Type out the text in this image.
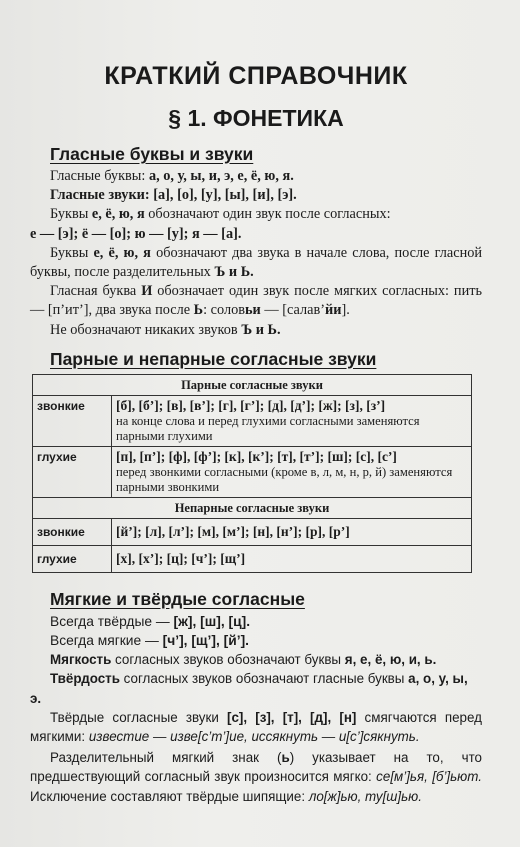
КРАТКИЙ СПРАВОЧНИК
§ 1. ФОНЕТИКА
Гласные буквы и звуки

Гласные буквы: а, о, у, ы, и, э, е, ё, ю, я.

Гласные звуки: [а], [о], [у], [ы], [и], [э].

Буквы е, ё, ю, я обозначают один звук после согласных:

е — [э]; ё — [о]; ю — [у]; я — [а].

Буквы е, ё, ю, я обозначают два звука в начале слова, после гласной буквы, после разделительных Ъ и Ь.

Гласная буква И обозначает один звук после мягких согласных: пить — [п’ит’], два звука после Ь: соловьи — [салав’йи].

Не обозначают никаких звуков Ъ и Ь.

Парные и непарные согласные звуки
Парные согласные звуки	
звонкие	[б], [б’]; [в], [в’]; [г], [г’]; [д], [д’]; [ж]; [з], [з’]
на конце слова и перед глухими согласными заменяются парными глухими

глухие	[п], [п’]; [ф], [ф’]; [к], [к’]; [т], [т’]; [ш]; [с], [с’]
перед звонкими согласными (кроме в, л, м, н, р, й) заменяются парными звонкими

Непарные согласные звуки	
звонкие	[й’]; [л], [л’]; [м], [м’]; [н], [н’]; [р], [р’]

глухие	[х], [х’]; [ц]; [ч’]; [щ’]
Мягкие и твёрдые согласные

Всегда твёрдые — [ж], [ш], [ц].

Всегда мягкие — [ч’], [щ’], [й’].

Мягкость согласных звуков обозначают буквы я, е, ё, ю, и, ь.

Твёрдость согласных звуков обозначают гласные буквы а, о, у, ы, э.

Твёрдые согласные звуки [с], [з], [т], [д], [н] смягчаются перед мягкими: известие — изве[с’т’]ие, иссякнуть — и[с’]сякнуть.

Разделительный мягкий знак (ь) указывает на то, что предшествующий согласный звук произносится мягко: се[м’]ья, [б’]ьют. Исключение составляют твёрдые шипящие: ло[ж]ью, ту[ш]ью.
